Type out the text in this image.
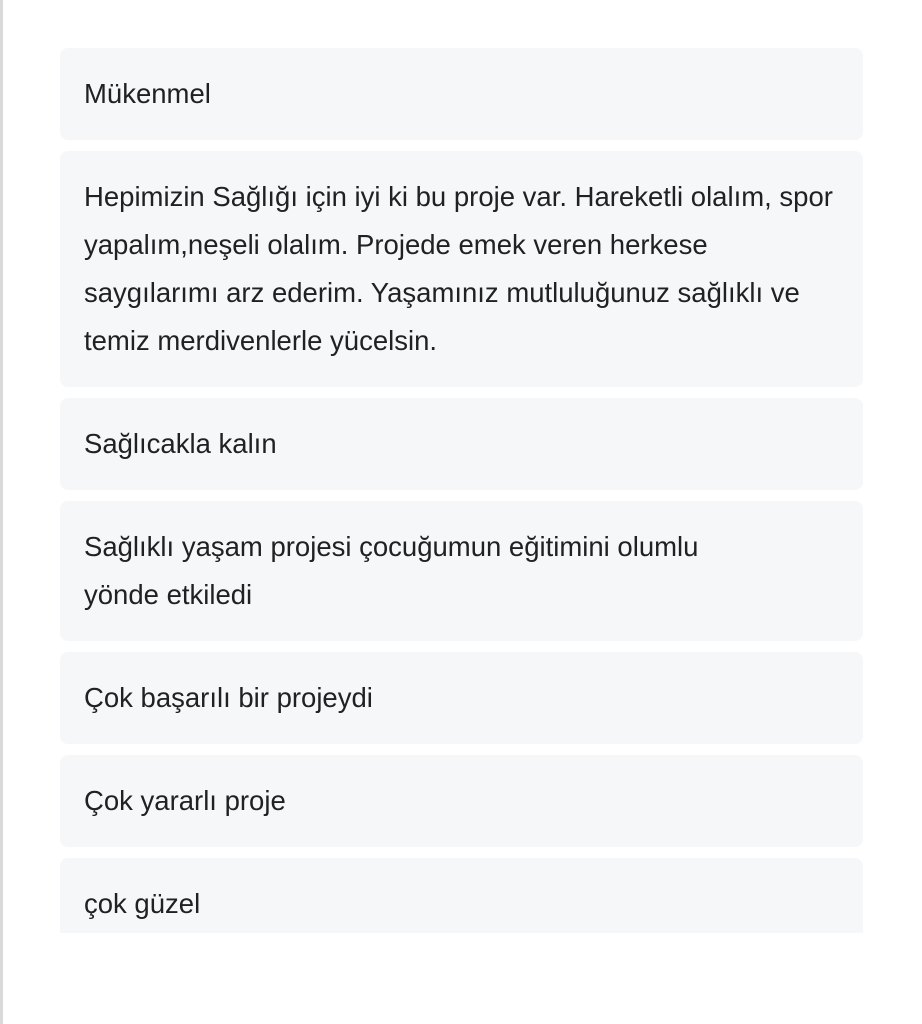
Mükenmel
Hepimizin Sağlığı için iyi ki bu proje var. Hareketli olalım, spor yapalım,neşeli olalım. Projede emek veren herkese saygılarımı arz ederim. Yaşamınız mutluluğunuz sağlıklı ve temiz merdivenlerle yücelsin.
Sağlıcakla kalın
Sağlıklı yaşam projesi çocuğumun eğitimini olumlu yönde etkiledi
Çok başarılı bir projeydi
Çok yararlı proje
çok güzel
